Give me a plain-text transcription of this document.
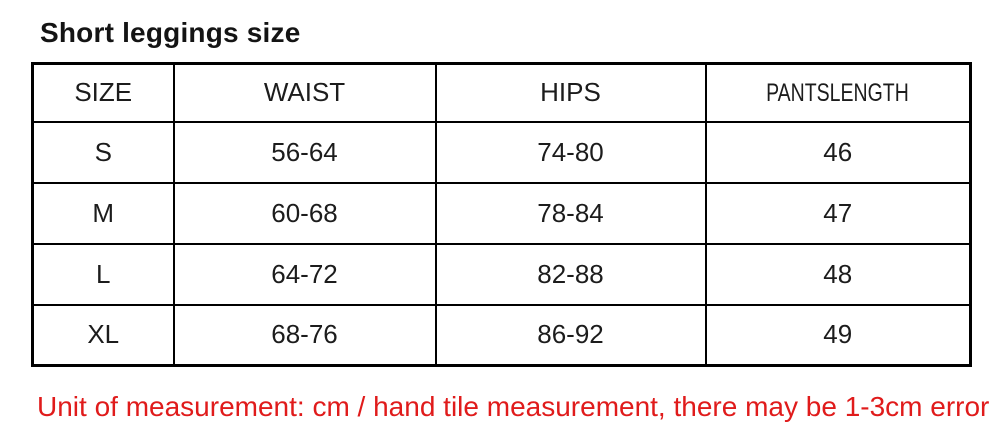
Short leggings size
SIZE	WAIST	HIPS	PANTSLENGTH
S	56-64	74-80	46
M	60-68	78-84	47
L	64-72	82-88	48
XL	68-76	86-92	49
Unit of measurement: cm / hand tile measurement, there may be 1-3cm error
